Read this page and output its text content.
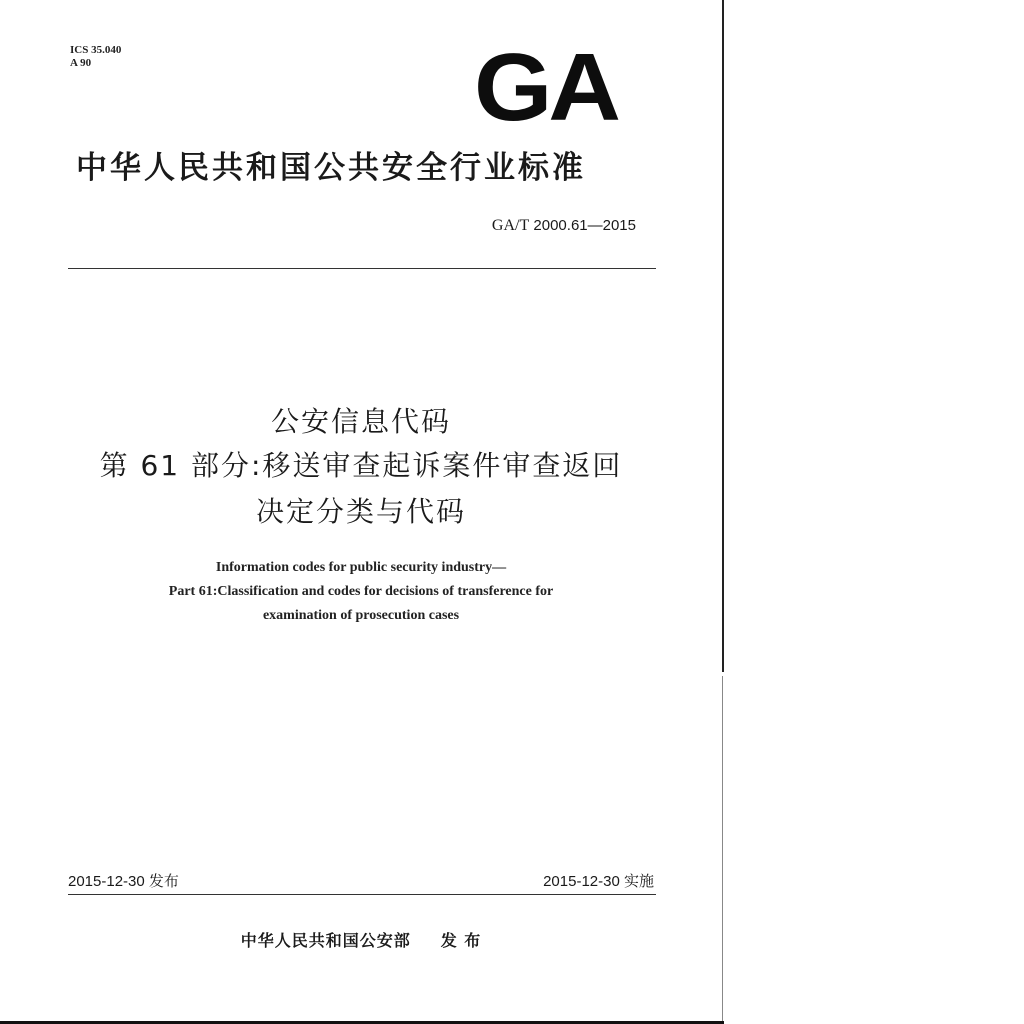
ICS 35.040
A 90	GA
中华人民共和国公共安全行业标准
GA/T 2000.61—2015
公安信息代码
第 61 部分:移送审查起诉案件审查返回
决定分类与代码
Information codes for public security industry—
Part 61:Classification and codes for decisions of transference for
examination of prosecution cases
2015-12-30 发布	2015-12-30 实施
中华人民共和国公安部 发 布
